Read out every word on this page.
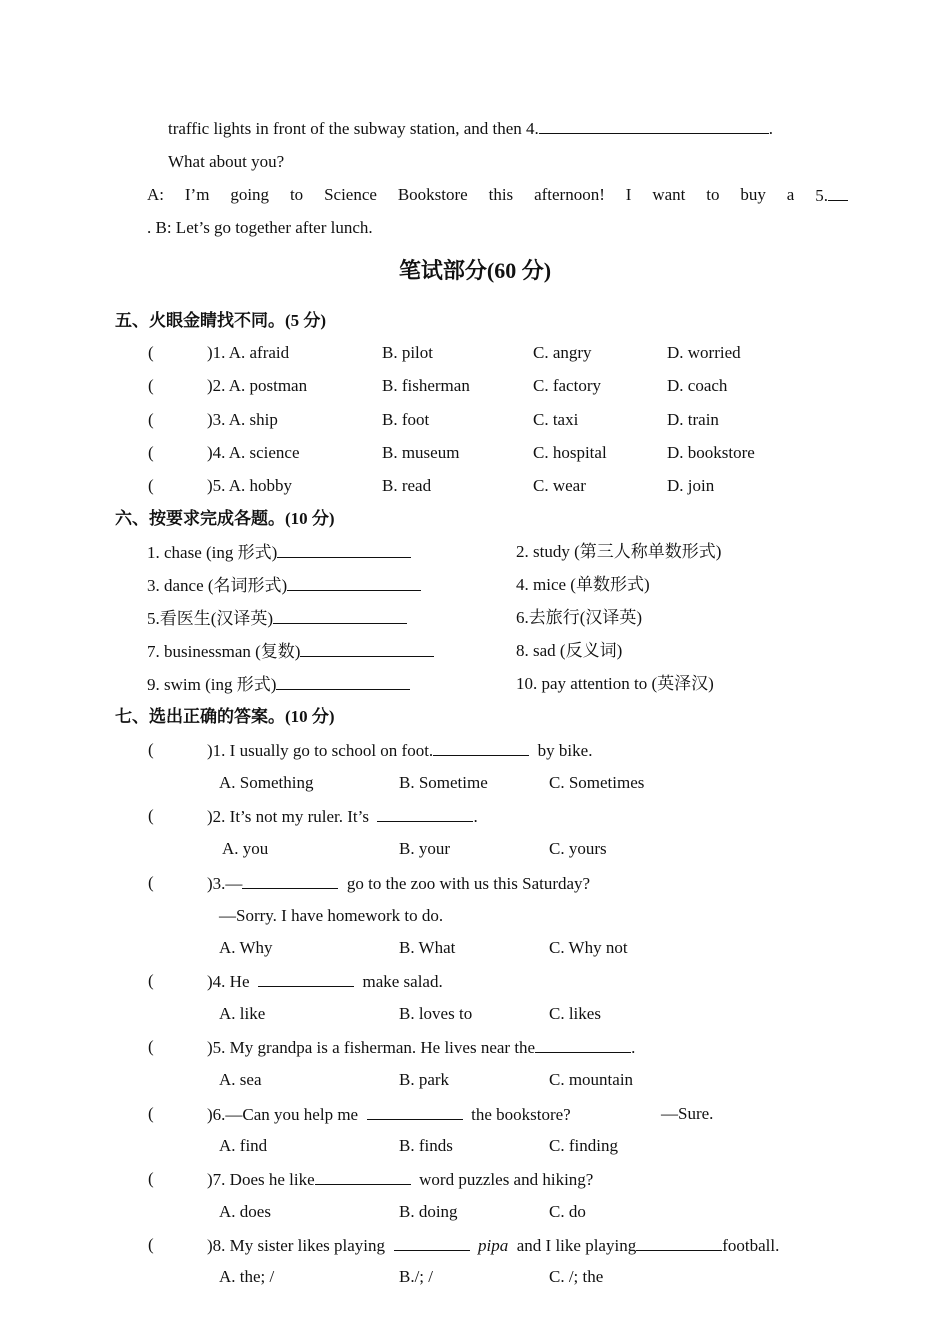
traffic lights in front of the subway station, and then 4.	.
What about you?
A: I’m going to Science Bookstore this afternoon! I want to buy a 5.
. B: Let’s go together after lunch.
笔试部分(60 分)
五、火眼金睛找不同。(5 分)
(	)1. A. afraid	B. pilot	C. angry	D. worried
(	)2. A. postman	B. fisherman	C. factory	D. coach
(	)3. A. ship	B. foot	C. taxi	D. train
(	)4. A. science	B. museum	C. hospital	D. bookstore
(	)5. A. hobby	B. read	C. wear	D. join
六、按要求完成各题。(10 分)
1. chase (ing 形式)	2. study (第三人称单数形式)
3. dance (名词形式)	4. mice (单数形式)
5.看医生(汉译英)	6.去旅行(汉译英)
7. businessman (复数)	8. sad (反义词)
9. swim (ing 形式)	10. pay attention to (英泽汉)
七、选出正确的答案。(10 分)
(	)1. I usually go to school on foot.	by bike.
A. Something	B. Sometime	C. Sometimes
(	)2. It’s not my ruler. It’s	.
A. you	B. your	C. yours
(	)3.—	go to the zoo with us this Saturday?
—Sorry. I have homework to do.
A. Why	B. What	C. Why not
(	)4. He	make salad.
A. like	B. loves to	C. likes
(	)5. My grandpa is a fisherman. He lives near the	.
A. sea	B. park	C. mountain
(	)6.—Can you help me	the bookstore?	—Sure.
A. find	B. finds	C. finding
(	)7. Does he like	word puzzles and hiking?
A. does	B. doing	C. do
(	)8. My sister likes playing	pipa and I like playing	football.
A. the; /	B./; /	C. /; the
